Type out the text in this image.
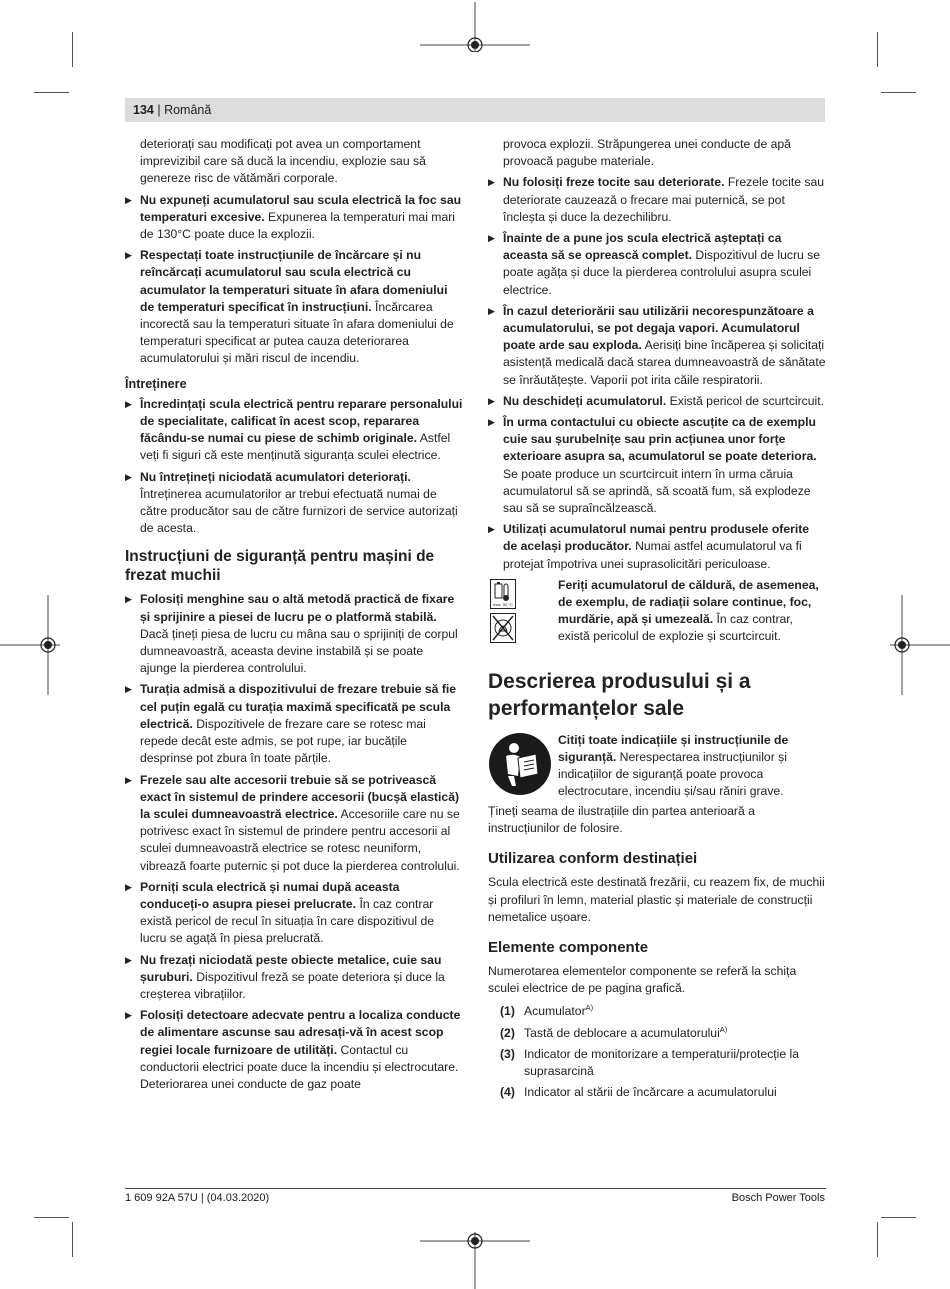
134 | Română

deteriorați sau modificați pot avea un comportament imprevizibil care să ducă la incendiu, explozie sau să genereze risc de vătămări corporale.

▶ Nu expuneți acumulatorul sau scula electrică la foc sau temperaturi excesive. Expunerea la temperaturi mai mari de 130°C poate duce la explozii.

▶ Respectați toate instrucțiunile de încărcare și nu reîncărcați acumulatorul sau scula electrică cu acumulator la temperaturi situate în afara domeniului de temperaturi specificat în instrucțiuni. Încărcarea incorectă sau la temperaturi situate în afara domeniului de temperaturi specificat ar putea cauza deteriorarea acumulatorului și mări riscul de incendiu.

Întreținere

▶ Încredințați scula electrică pentru reparare personalului de specialitate, calificat în acest scop, repararea făcându-se numai cu piese de schimb originale. Astfel veți fi siguri că este menținută siguranța sculei electrice.

▶ Nu întrețineți niciodată acumulatori deteriorați. Întreținerea acumulatorilor ar trebui efectuată numai de către producător sau de către furnizori de service autorizați de acesta.

Instrucțiuni de siguranță pentru mașini de frezat muchii

▶ Folosiți menghine sau o altă metodă practică de fixare și sprijinire a piesei de lucru pe o platformă stabilă. Dacă țineți piesa de lucru cu mâna sau o sprijiniți de corpul dumneavoastră, aceasta devine instabilă și se poate ajunge la pierderea controlului.

▶ Turația admisă a dispozitivului de frezare trebuie să fie cel puțin egală cu turația maximă specificată pe scula electrică. Dispozitivele de frezare care se rotesc mai repede decât este admis, se pot rupe, iar bucățile desprinse pot zbura în toate părțile.

▶ Frezele sau alte accesorii trebuie să se potrivească exact în sistemul de prindere accesorii (bucșă elastică) la sculei dumneavoastră electrice. Accesoriile care nu se potrivesc exact în sistemul de prindere pentru accesorii al sculei dumneavoastră electrice se rotesc neuniform, vibrează foarte puternic și pot duce la pierderea controlului.

▶ Porniți scula electrică și numai după aceasta conduceți-o asupra piesei prelucrate. În caz contrar există pericol de recul în situația în care dispozitivul de lucru se agață în piesa prelucrată.

▶ Nu frezați niciodată peste obiecte metalice, cuie sau șuruburi. Dispozitivul freză se poate deteriora și duce la creșterea vibrațiilor.

▶ Folosiți detectoare adecvate pentru a localiza conducte de alimentare ascunse sau adresați-vă în acest scop regiei locale furnizoare de utilități. Contactul cu conductorii electrici poate duce la incendiu și electrocutare. Deteriorarea unei conducte de gaz poate

provoca explozii. Străpungerea unei conducte de apă provoacă pagube materiale.

▶ Nu folosiți freze tocite sau deteriorate. Frezele tocite sau deteriorate cauzează o frecare mai puternică, se pot încleșta și duce la dezechilibru.

▶ Înainte de a pune jos scula electrică așteptați ca aceasta să se oprească complet. Dispozitivul de lucru se poate agăța și duce la pierderea controlului asupra sculei electrice.

▶ În cazul deteriorării sau utilizării necorespunzătoare a acumulatorului, se pot degaja vapori. Acumulatorul poate arde sau exploda. Aerisiți bine încăperea și solicitați asistență medicală dacă starea dumneavoastră de sănătate se înrăutățește. Vaporii pot irita căile respiratorii.

▶ Nu deschideți acumulatorul. Există pericol de scurtcircuit.

▶ În urma contactului cu obiecte ascuțite ca de exemplu cuie sau șurubelnițe sau prin acțiunea unor forțe exterioare asupra sa, acumulatorul se poate deteriora. Se poate produce un scurtcircuit intern în urma căruia acumulatorul să se aprindă, să scoată fum, să explodeze sau să se supraîncălzească.

▶ Utilizați acumulatorul numai pentru produsele oferite de același producător. Numai astfel acumulatorul va fi protejat împotriva unei suprasolicitări periculoase.

max. 50 °C

Feriți acumulatorul de căldură, de asemenea, de exemplu, de radiații solare continue, foc, murdărie, apă și umezeală. În caz contrar, există pericolul de explozie și scurtcircuit.

Descrierea produsului și a performanțelor sale

Citiți toate indicațiile și instrucțiunile de siguranță. Nerespectarea instrucțiunilor și indicațiilor de siguranță poate provoca electrocutare, incendiu și/sau răniri grave.

Țineți seama de ilustrațiile din partea anterioară a instrucțiunilor de folosire.

Utilizarea conform destinației

Scula electrică este destinată frezării, cu reazem fix, de muchii și profiluri în lemn, material plastic și materiale de construcții nemetalice ușoare.

Elemente componente

Numerotarea elementelor componente se referă la schița sculei electrice de pe pagina grafică.

(1) Acumulator$^{A)}$
(2) Tastă de deblocare a acumulatorului$^{A)}$
(3) Indicator de monitorizare a temperaturii/protecție la suprasarcină
(4) Indicator al stării de încărcare a acumulatorului
1 609 92A 57U | (04.03.2020)	Bosch Power Tools
